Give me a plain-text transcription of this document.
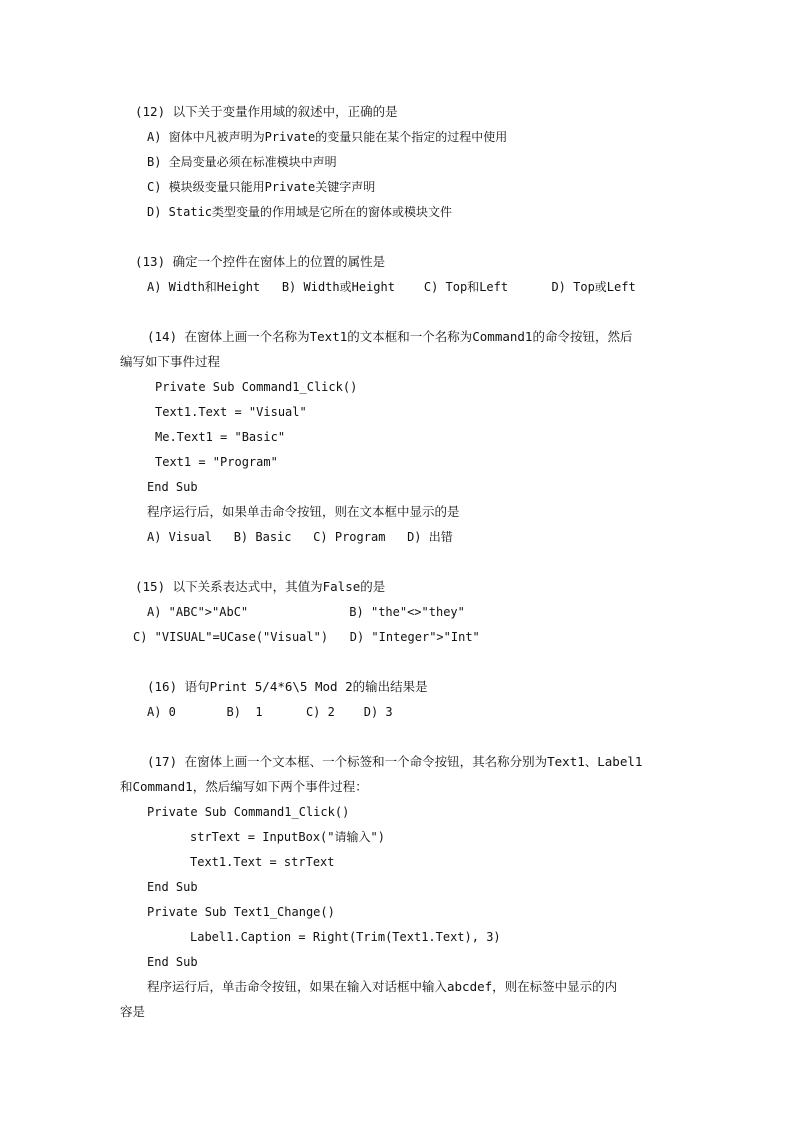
(12) 以下关于变量作用域的叙述中，正确的是
A) 窗体中凡被声明为Private的变量只能在某个指定的过程中使用
B) 全局变量必须在标准模块中声明
C) 模块级变量只能用Private关键字声明
D) Static类型变量的作用域是它所在的窗体或模块文件
(13) 确定一个控件在窗体上的位置的属性是
A) Width和Height   B) Width或Height    C) Top和Left      D) Top或Left
(14) 在窗体上画一个名称为Text1的文本框和一个名称为Command1的命令按钮，然后
编写如下事件过程
Private Sub Command1_Click()
Text1.Text = "Visual"
Me.Text1 = "Basic"
Text1 = "Program"
End Sub
程序运行后，如果单击命令按钮，则在文本框中显示的是
A) Visual   B) Basic   C) Program   D) 出错
(15) 以下关系表达式中，其值为False的是
A) "ABC">"AbC"              B) "the"<>"they"
C) "VISUAL"=UCase("Visual")   D) "Integer">"Int"
(16) 语句Print 5/4*6\5 Mod 2的输出结果是
A) 0       B)  1      C) 2    D) 3
(17) 在窗体上画一个文本框、一个标签和一个命令按钮，其名称分别为Text1、Label1
和Command1，然后编写如下两个事件过程：
Private Sub Command1_Click()
strText = InputBox("请输入")
Text1.Text = strText
End Sub
Private Sub Text1_Change()
Label1.Caption = Right(Trim(Text1.Text), 3)
End Sub
程序运行后，单击命令按钮，如果在输入对话框中输入abcdef，则在标签中显示的内
容是
